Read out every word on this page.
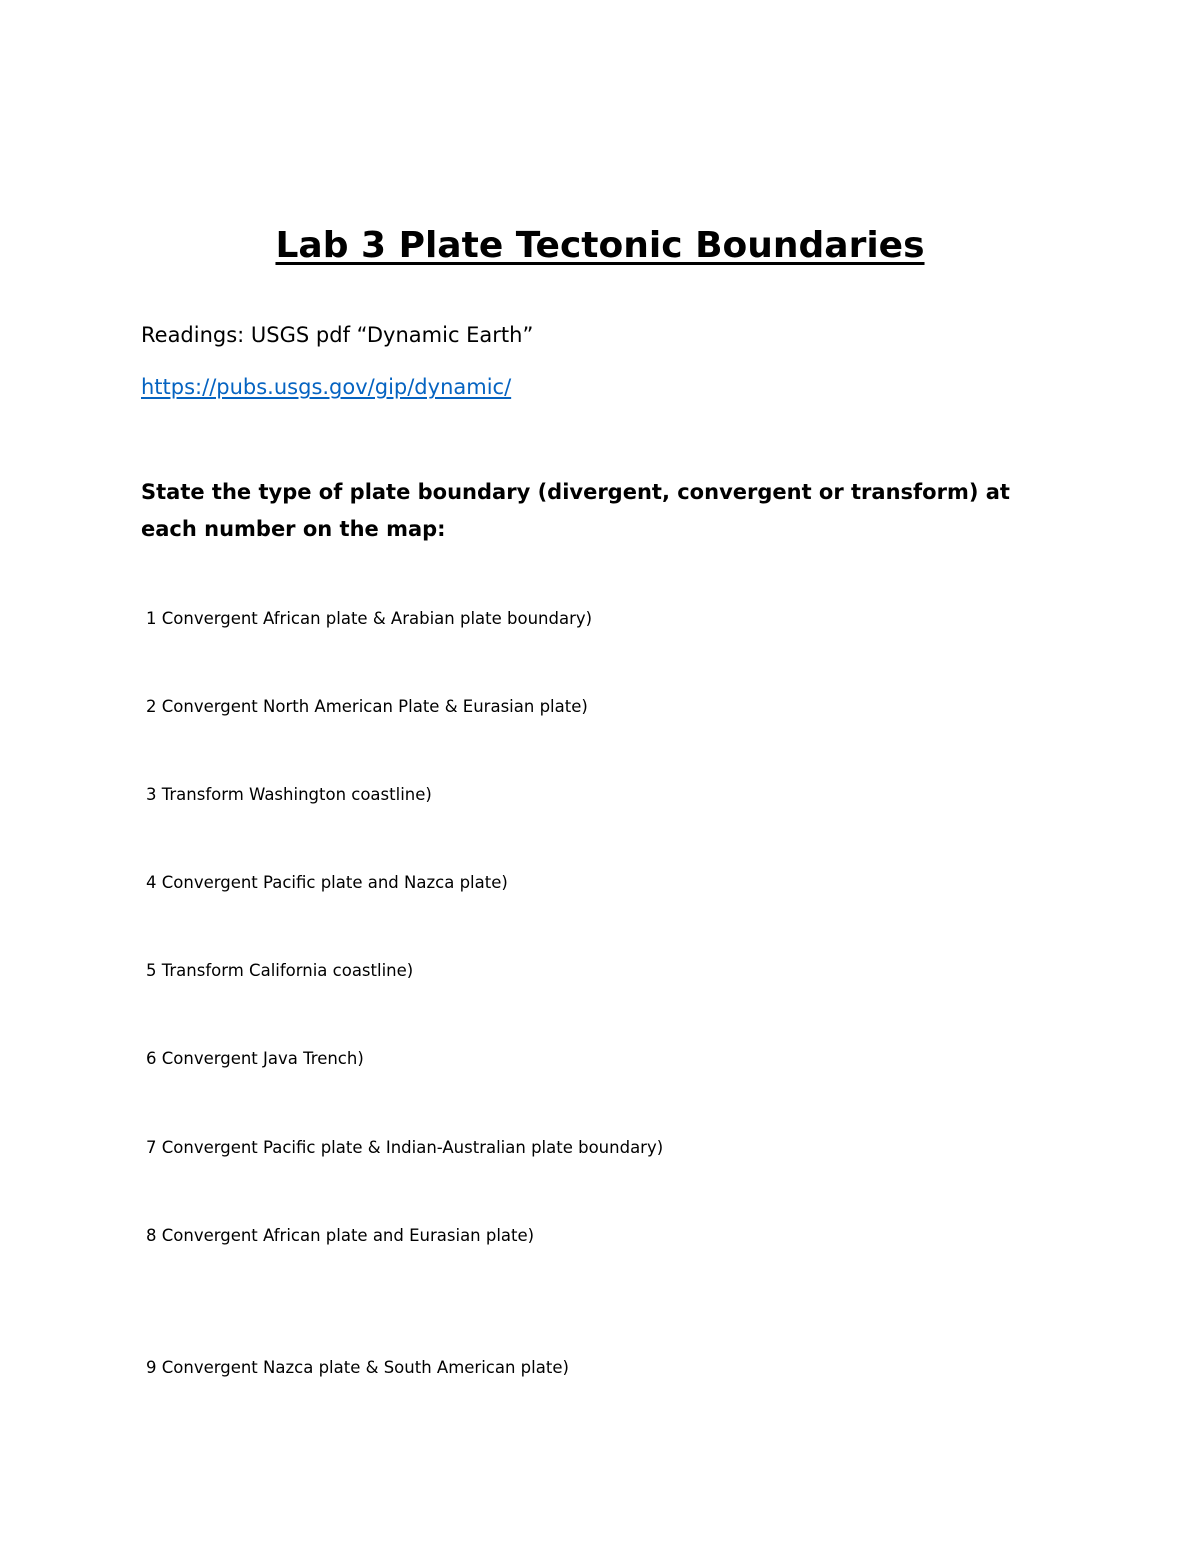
Lab 3 Plate Tectonic Boundaries
Readings: USGS pdf “Dynamic Earth”
https://pubs.usgs.gov/gip/dynamic/
State the type of plate boundary (divergent, convergent or transform) at each number on the map:
1 Convergent African plate & Arabian plate boundary)
2 Convergent North American Plate & Eurasian plate)
3 Transform Washington coastline)
4 Convergent Pacific plate and Nazca plate)
5 Transform California coastline)
6 Convergent Java Trench)
7 Convergent Pacific plate & Indian-Australian plate boundary)
8 Convergent African plate and Eurasian plate)
9 Convergent Nazca plate & South American plate)
